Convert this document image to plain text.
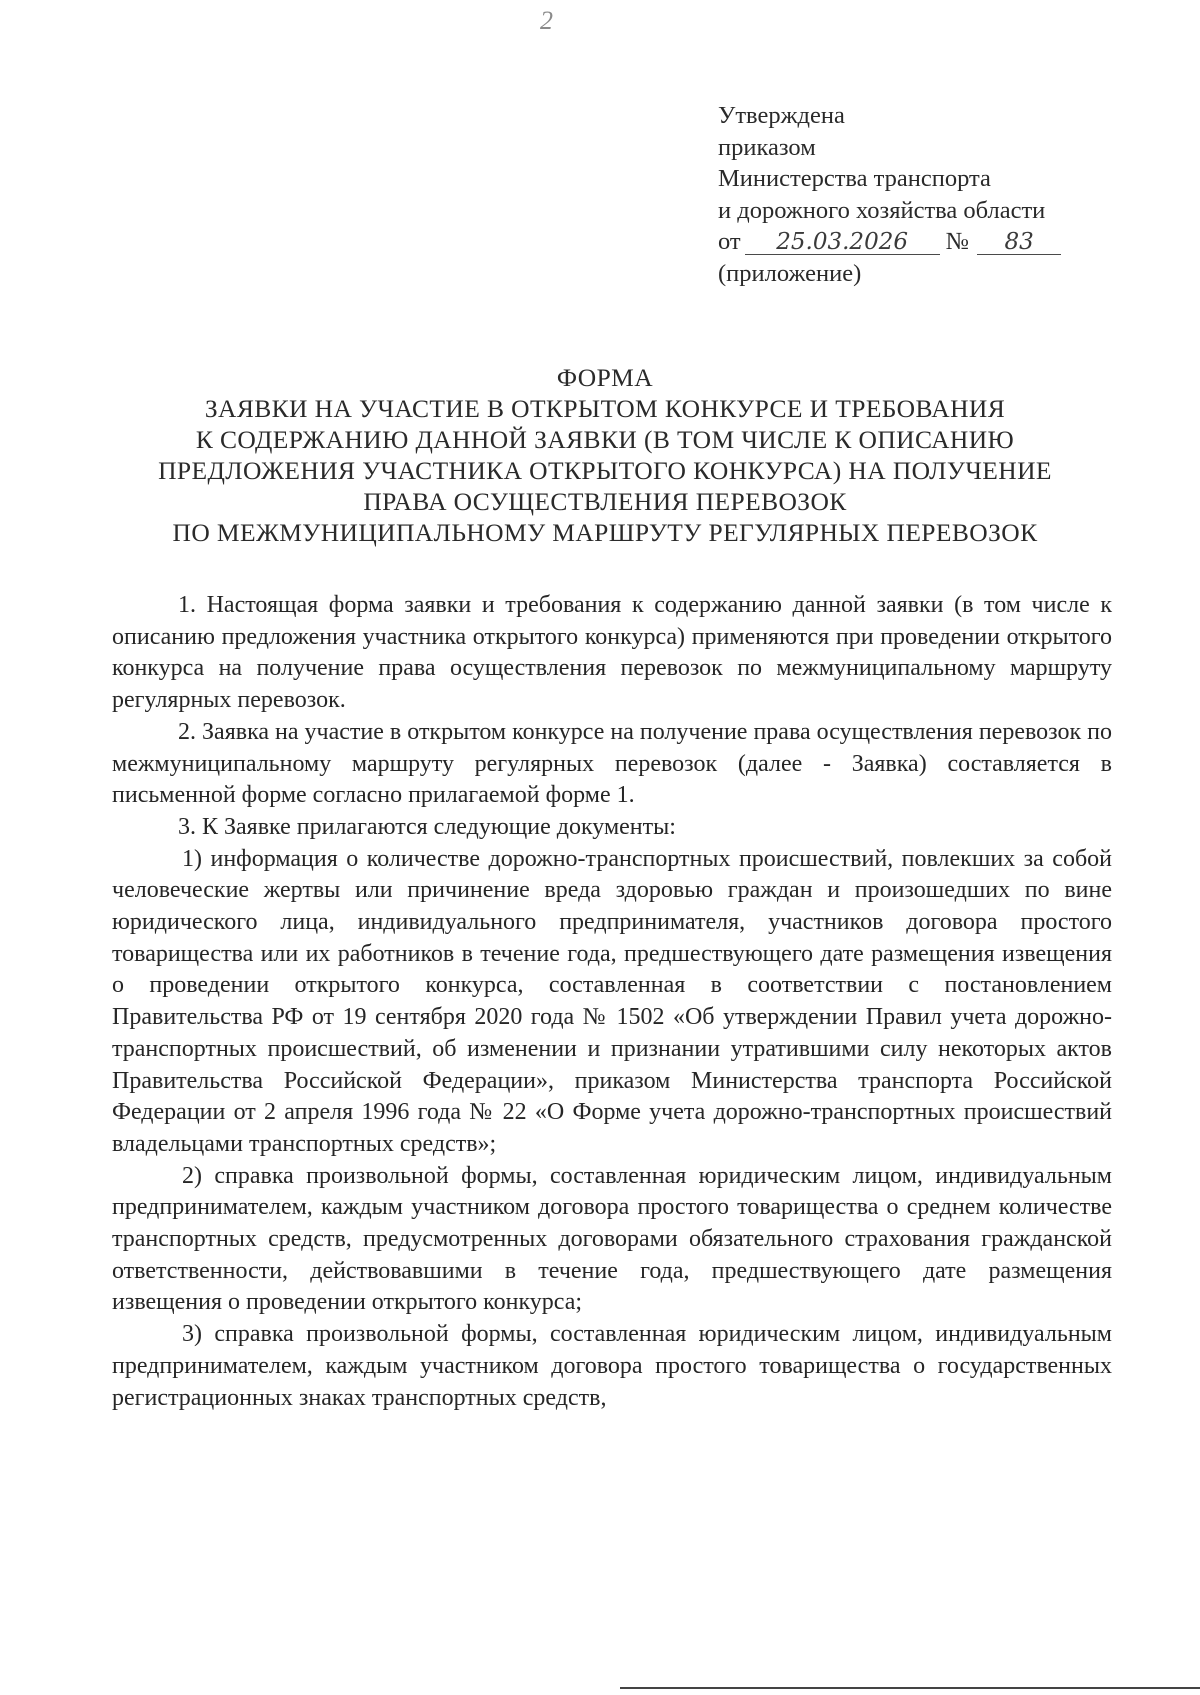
2
Утверждена
приказом
Министерства транспорта
и дорожного хозяйства области
от 25.03.2026 № 83
(приложение)
ФОРМА
ЗАЯВКИ НА УЧАСТИЕ В ОТКРЫТОМ КОНКУРСЕ И ТРЕБОВАНИЯ
К СОДЕРЖАНИЮ ДАННОЙ ЗАЯВКИ (В ТОМ ЧИСЛЕ К ОПИСАНИЮ
ПРЕДЛОЖЕНИЯ УЧАСТНИКА ОТКРЫТОГО КОНКУРСА) НА ПОЛУЧЕНИЕ
ПРАВА ОСУЩЕСТВЛЕНИЯ ПЕРЕВОЗОК
ПО МЕЖМУНИЦИПАЛЬНОМУ МАРШРУТУ РЕГУЛЯРНЫХ ПЕРЕВОЗОК

1. Настоящая форма заявки и требования к содержанию данной заявки (в том числе к описанию предложения участника открытого конкурса) применяются при проведении открытого конкурса на получение права осуществления перевозок по межмуниципальному маршруту регулярных перевозок.

2. Заявка на участие в открытом конкурсе на получение права осуществления перевозок по межмуниципальному маршруту регулярных перевозок (далее - Заявка) составляется в письменной форме согласно прилагаемой форме 1.

3. К Заявке прилагаются следующие документы:

1) информация о количестве дорожно-транспортных происшествий, повлекших за собой человеческие жертвы или причинение вреда здоровью граждан и произошедших по вине юридического лица, индивидуального предпринимателя, участников договора простого товарищества или их работников в течение года, предшествующего дате размещения извещения о проведении открытого конкурса, составленная в соответствии с постановлением Правительства РФ от 19 сентября 2020 года № 1502 «Об утверждении Правил учета дорожно-транспортных происшествий, об изменении и признании утратившими силу некоторых актов Правительства Российской Федерации», приказом Министерства транспорта Российской Федерации от 2 апреля 1996 года № 22 «О Форме учета дорожно-транспортных происшествий владельцами транспортных средств»;

2) справка произвольной формы, составленная юридическим лицом, индивидуальным предпринимателем, каждым участником договора простого товарищества о среднем количестве транспортных средств, предусмотренных договорами обязательного страхования гражданской ответственности, действовавшими в течение года, предшествующего дате размещения извещения о проведении открытого конкурса;

3) справка произвольной формы, составленная юридическим лицом, индивидуальным предпринимателем, каждым участником договора простого товарищества о государственных регистрационных знаках транспортных средств,
